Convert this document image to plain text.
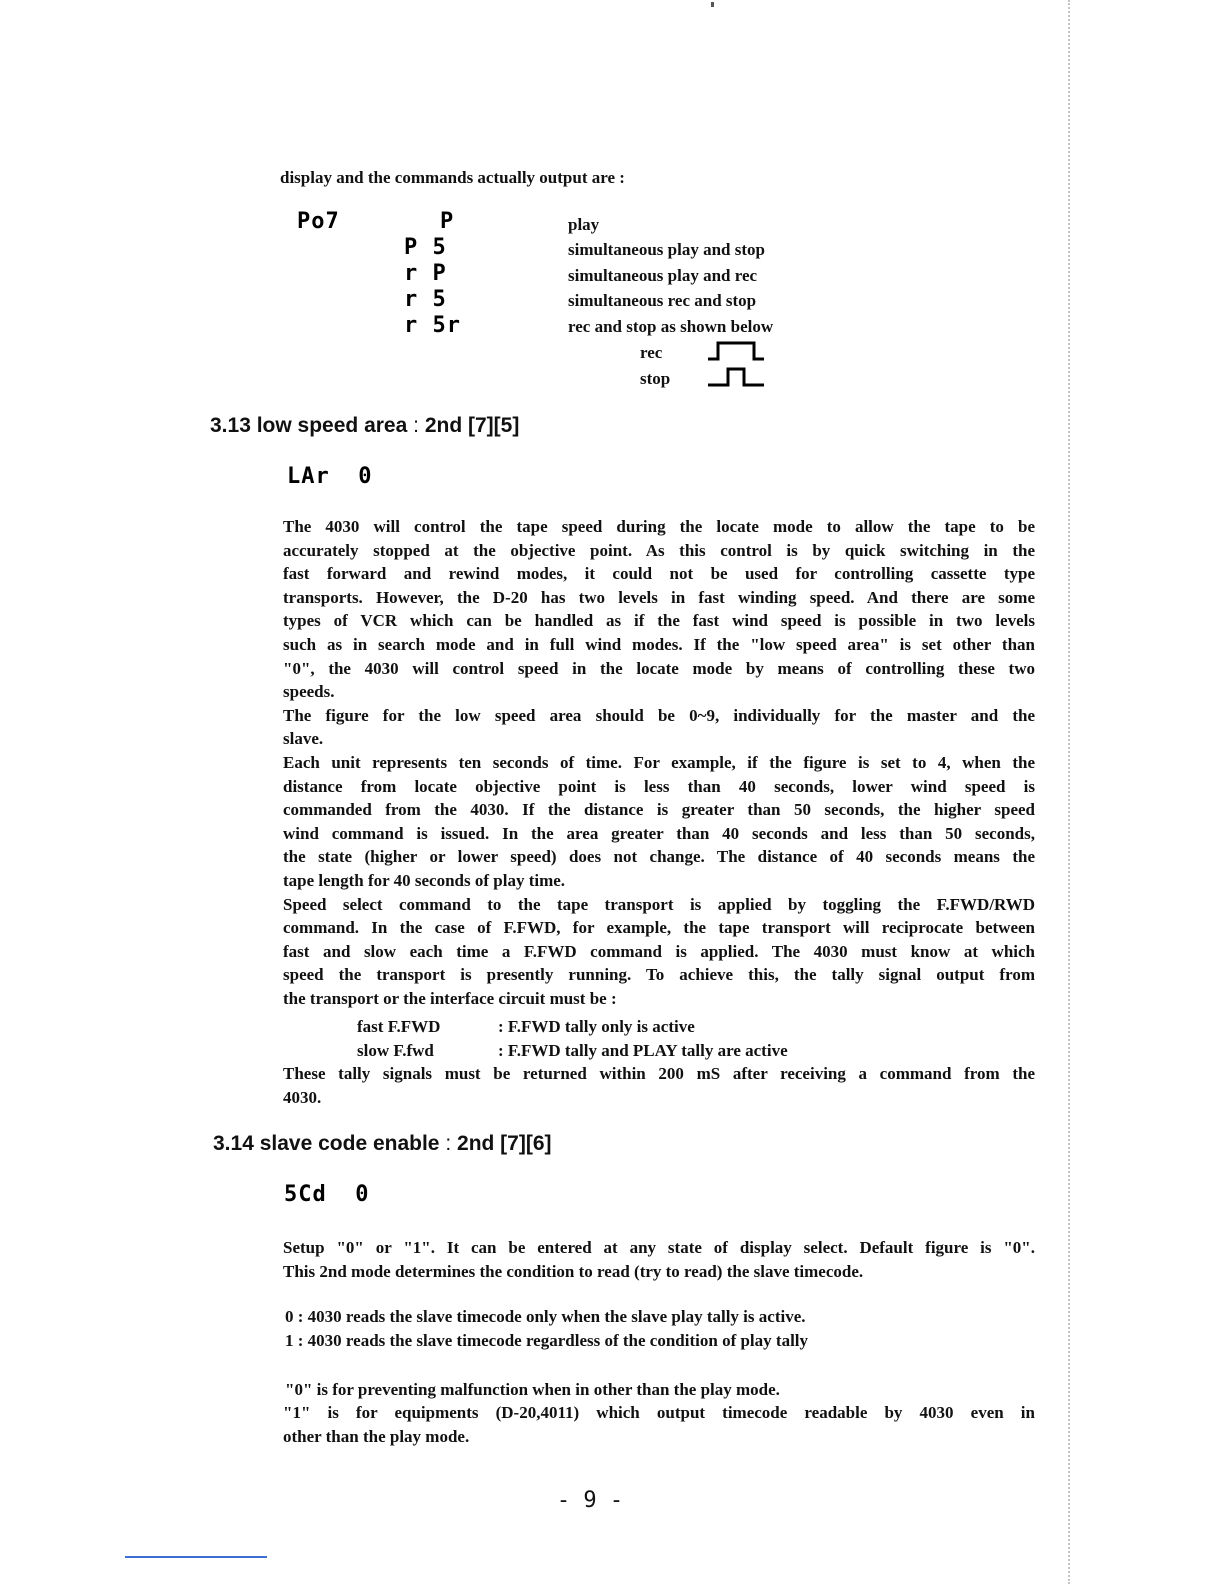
display and the commands actually output are :
Po7	P	play
P 5	simultaneous play and stop
r P	simultaneous play and rec
r 5	simultaneous rec and stop
r 5r	rec and stop as shown below
rec
stop
3.13 low speed area : 2nd [7][5]
LAr  0
The 4030 will control the tape speed during the locate mode to allow the tape to be
accurately stopped at the objective point. As this control is by quick switching in the
fast forward and rewind modes, it could not be used for controlling cassette type
transports. However, the D-20 has two levels in fast winding speed. And there are some
types of VCR which can be handled as if the fast wind speed is possible in two levels
such as in search mode and in full wind modes. If the "low speed area" is set other than
"0", the 4030 will control speed in the locate mode by means of controlling these two
speeds.
The figure for the low speed area should be 0~9, individually for the master and the
slave.
Each unit represents ten seconds of time. For example, if the figure is set to 4, when the
distance from locate objective point is less than 40 seconds, lower wind speed is
commanded from the 4030. If the distance is greater than 50 seconds, the higher speed
wind command is issued. In the area greater than 40 seconds and less than 50 seconds,
the state (higher or lower speed) does not change. The distance of 40 seconds means the
tape length for 40 seconds of play time.
Speed select command to the tape transport is applied by toggling the F.FWD/RWD
command. In the case of F.FWD, for example, the tape transport will reciprocate between
fast and slow each time a F.FWD command is applied. The 4030 must know at which
speed the transport is presently running. To achieve this, the tally signal output from
the transport or the interface circuit must be :
fast F.FWD	: F.FWD tally only is active
slow F.fwd	: F.FWD tally and PLAY tally are active
These tally signals must be returned within 200 mS after receiving a command from the
4030.
3.14 slave code enable : 2nd [7][6]
5Cd  0
Setup "0" or "1". It can be entered at any state of display select. Default figure is "0".
This 2nd mode determines the condition to read (try to read) the slave timecode.
0 : 4030 reads the slave timecode only when the slave play tally is active.
1 : 4030 reads the slave timecode regardless of the condition of play tally
"0" is for preventing malfunction when in other than the play mode.
"1" is for equipments (D-20,4011) which output timecode readable by 4030 even in
other than the play mode.
- 9 -
